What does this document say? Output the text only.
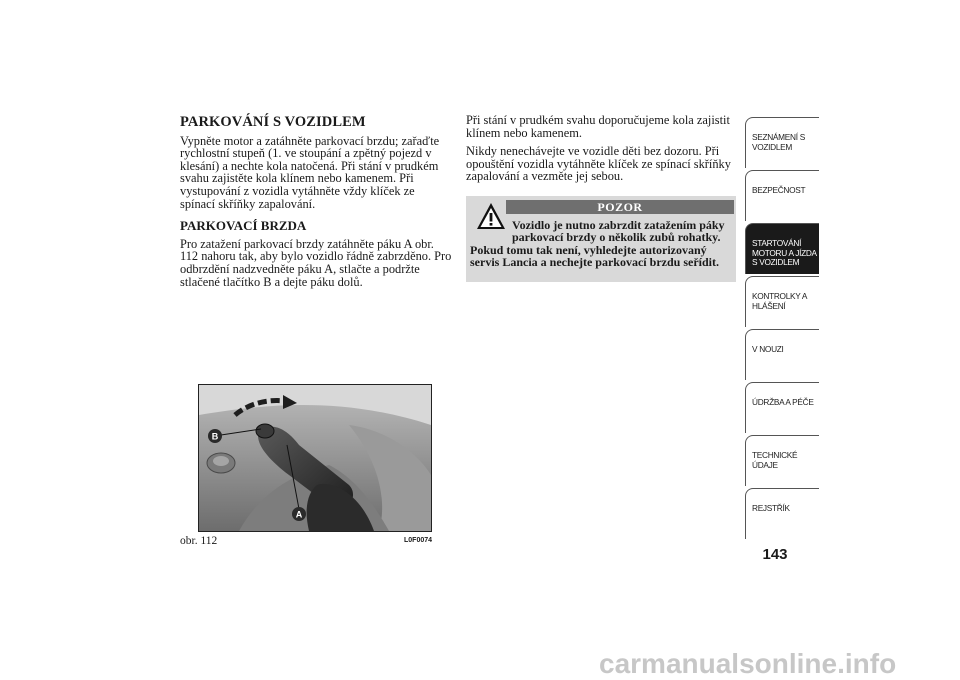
PARKOVÁNÍ S VOZIDLEM

Vypněte motor a zatáhněte parkovací brzdu; zařaďte rychlostní stupeň (1. ve stoupání a zpětný pojezd v klesání) a nechte kola natočená. Při stání v prudkém svahu zajistěte kola klínem nebo kamenem. Při vystupování z vozidla vytáhněte vždy klíček ze spínací skříňky zapalování.

PARKOVACÍ BRZDA

Pro zatažení parkovací brzdy zatáhněte páku A obr. 112 nahoru tak, aby bylo vozidlo řádně zabrzděno. Pro odbrzdění nadzvedněte páku A, stlačte a podržte stlačené tlačítko B a dejte páku dolů.

Při stání v prudkém svahu doporučujeme kola zajistit klínem nebo kamenem.

Nikdy nenechávejte ve vozidle děti bez dozoru. Při opouštění vozidla vytáhněte klíček ze spínací skříňky zapalování a vezměte jej sebou.

POZOR
Vozidlo je nutno zabrzdit zatažením páky
parkovací brzdy o několik zubů rohatky.
Pokud tomu tak není, vyhledejte autorizovaný servis Lancia a nechejte parkovací brzdu seřídit.
B
A
obr. 112	L0F0074
SEZNÁMENÍ S VOZIDLEM
BEZPEČNOST
STARTOVÁNÍ MOTORU A JÍZDA S VOZIDLEM
KONTROLKY A HLÁŠENÍ
V NOUZI
ÚDRŽBA A PÉČE
TECHNICKÉ ÚDAJE
REJSTŘÍK
143
carmanualsonline.info
